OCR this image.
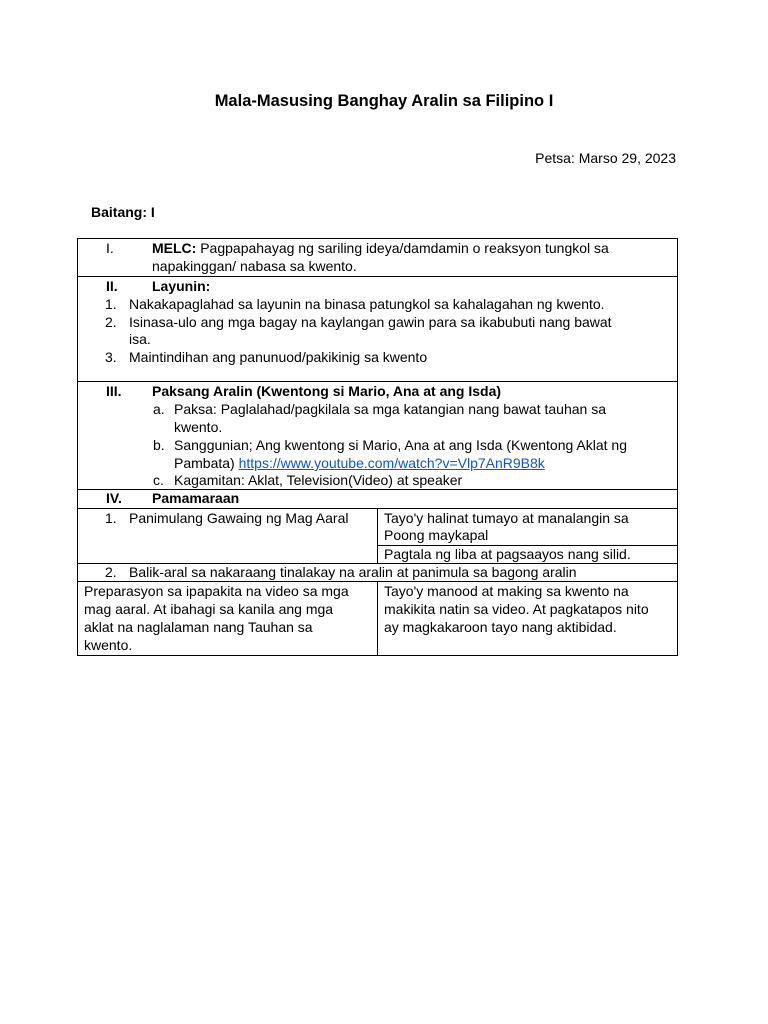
Mala-Masusing Banghay Aralin sa Filipino I
Petsa: Marso 29, 2023
Baitang: I
I.	MELC: Pagpapahayag ng sariling ideya/damdamin o reaksyon tungkol sa
napakinggan/ nabasa sa kwento.
II. Layunin:
1. Nakakapaglahad sa layunin na binasa patungkol sa kahalagahan ng kwento.
2. Isinasa-ulo ang mga bagay na kaylangan gawin para sa ikabubuti nang bawat
isa.
3. Maintindihan ang panunuod/pakikinig sa kwento
III. Paksang Aralin (Kwentong si Mario, Ana at ang Isda)
a. Paksa: Paglalahad/pagkilala sa mga katangian nang bawat tauhan sa
kwento.
b. Sanggunian; Ang kwentong si Mario, Ana at ang Isda (Kwentong Aklat ng
Pambata) https://www.youtube.com/watch?v=Vlp7AnR9B8k
c. Kagamitan: Aklat, Television(Video) at speaker
IV. Pamamaraan
1. Panimulang Gawaing ng Mag Aaral	Tayo'y halinat tumayo at manalangin sa
Poong maykapal
Pagtala ng liba at pagsaayos nang silid.
2. Balik-aral sa nakaraang tinalakay na aralin at panimula sa bagong aralin
Preparasyon sa ipapakita na video sa mga
mag aaral. At ibahagi sa kanila ang mga
aklat na naglalaman nang Tauhan sa
kwento.
Tayo'y manood at making sa kwento na
makikita natin sa video. At pagkatapos nito
ay magkakaroon tayo nang aktibidad.
